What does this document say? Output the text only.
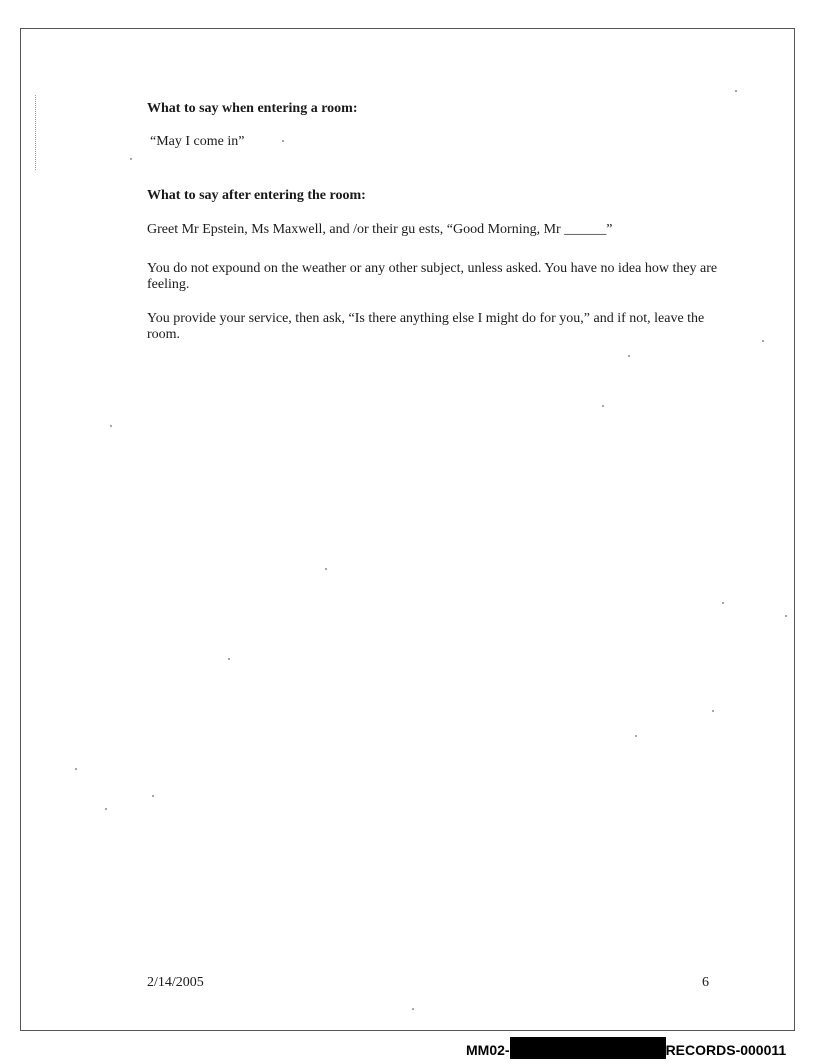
What to say when entering a room:
“May I come in”
What to say after entering the room:
Greet Mr Epstein, Ms Maxwell, and /or their gu ests, “Good Morning, Mr ______”
You do not expound on the weather or any other subject, unless asked. You have no idea how they are feeling.
You provide your service, then ask, “Is there anything else I might do for you,” and if not, leave the room.
2/14/2005	6
MM02-	RECORDS-000011
